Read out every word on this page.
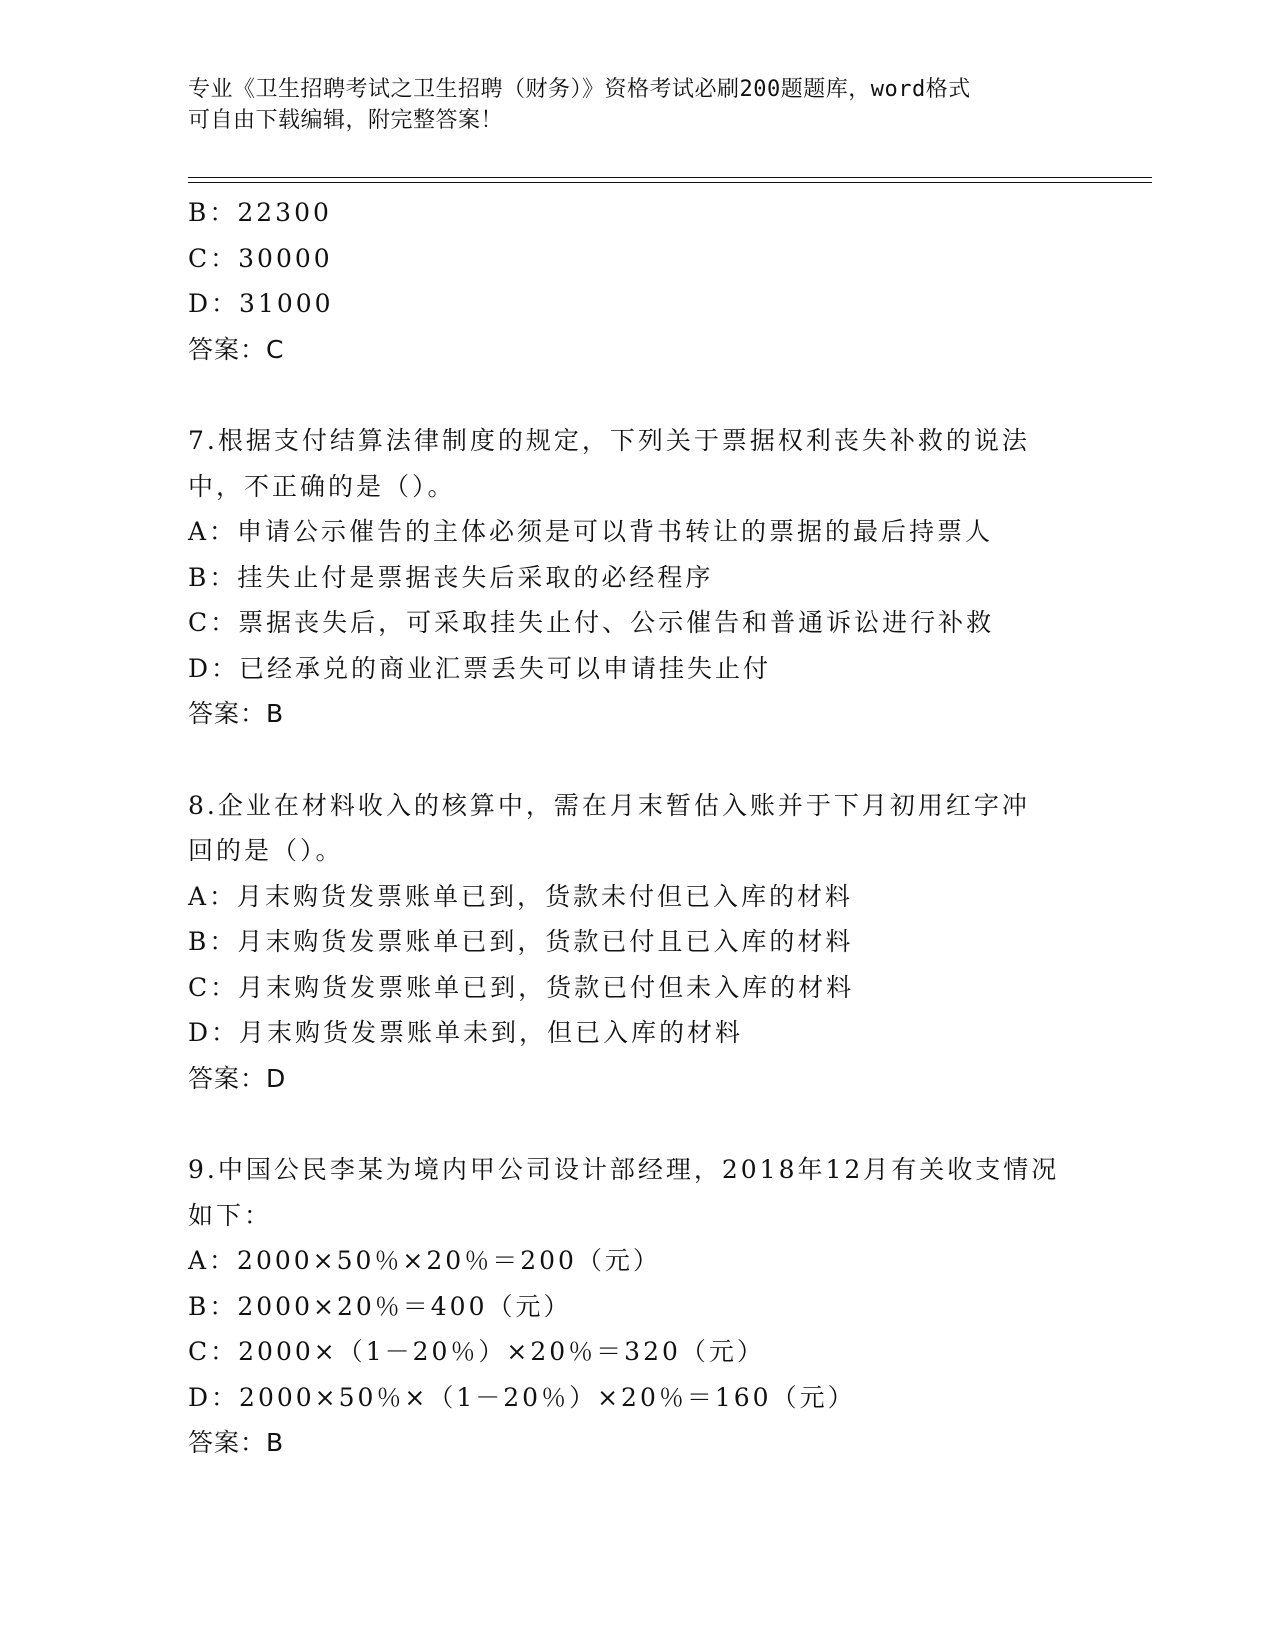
专业《卫生招聘考试之卫生招聘（财务）》资格考试必刷200题题库，word格式
可自由下载编辑，附完整答案！
B：22300
C：30000
D：31000
答案：C
7.根据支付结算法律制度的规定，下列关于票据权利丧失补救的说法
中，不正确的是（）。
A：申请公示催告的主体必须是可以背书转让的票据的最后持票人
B：挂失止付是票据丧失后采取的必经程序
C：票据丧失后，可采取挂失止付、公示催告和普通诉讼进行补救
D：已经承兑的商业汇票丢失可以申请挂失止付
答案：B
8.企业在材料收入的核算中，需在月末暂估入账并于下月初用红字冲
回的是（）。
A：月末购货发票账单已到，货款未付但已入库的材料
B：月末购货发票账单已到，货款已付且已入库的材料
C：月末购货发票账单已到，货款已付但未入库的材料
D：月末购货发票账单未到，但已入库的材料
答案：D
9.中国公民李某为境内甲公司设计部经理，2018年12月有关收支情况
如下：
A：2000×50％×20％＝200（元）
B：2000×20％＝400（元）
C：2000×（1－20％）×20％＝320（元）
D：2000×50％×（1－20％）×20％＝160（元）
答案：B
